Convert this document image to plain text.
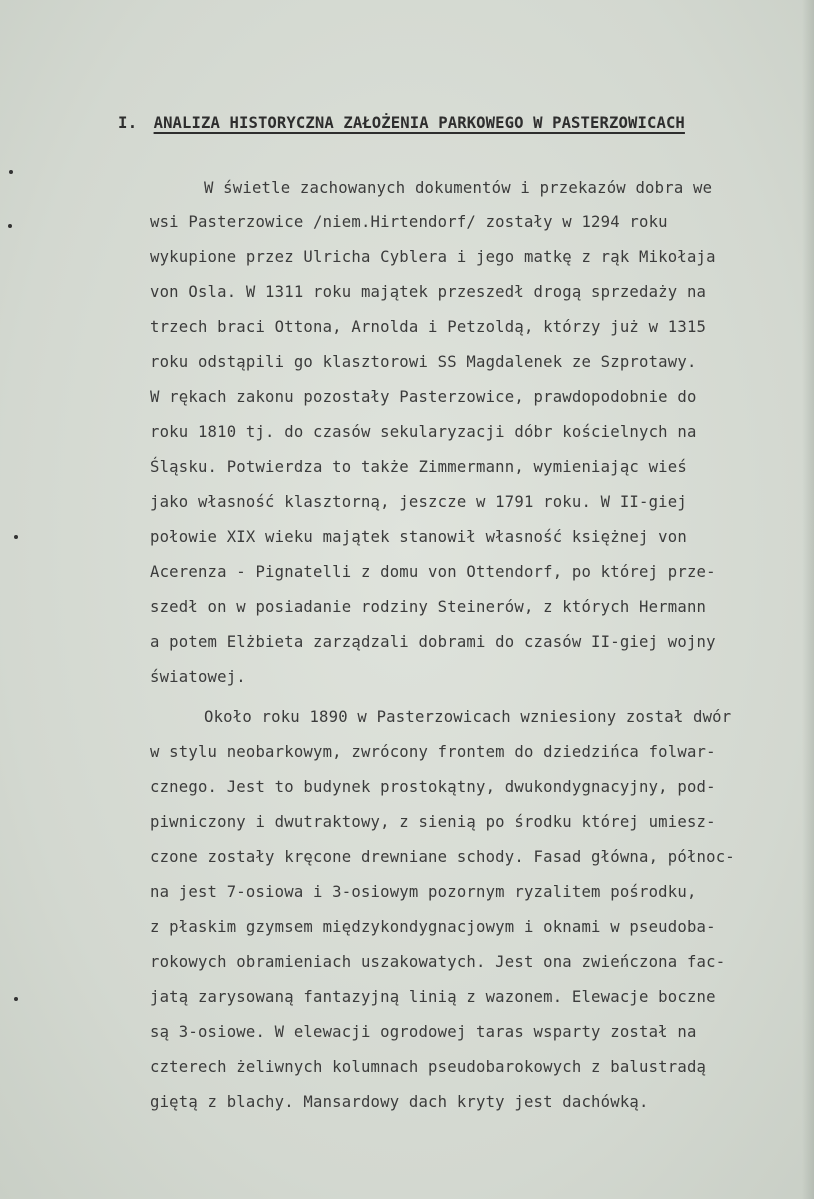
I. ANALIZA HISTORYCZNA ZAŁOŻENIA PARKOWEGO W PASTERZOWICACH
W świetle zachowanych dokumentów i przekazów dobra we
wsi Pasterzowice /niem.Hirtendorf/ zostały w 1294 roku
wykupione przez Ulricha Cyblera i jego matkę z rąk Mikołaja
von Osla. W 1311 roku majątek przeszedł drogą sprzedaży na
trzech braci Ottona, Arnolda i Petzoldą, którzy już w 1315
roku odstąpili go klasztorowi SS Magdalenek ze Szprotawy.
W rękach zakonu pozostały Pasterzowice, prawdopodobnie do
roku 1810 tj. do czasów sekularyzacji dóbr kościelnych na
Śląsku. Potwierdza to także Zimmermann, wymieniając wieś
jako własność klasztorną, jeszcze w 1791 roku. W II-giej
połowie XIX wieku majątek stanowił własność księżnej von
Acerenza - Pignatelli z domu von Ottendorf, po której prze-
szedł on w posiadanie rodziny Steinerów, z których Hermann
a potem Elżbieta zarządzali dobrami do czasów II-giej wojny
światowej.
Około roku 1890 w Pasterzowicach wzniesiony został dwór
w stylu neobarkowym, zwrócony frontem do dziedzińca folwar-
cznego. Jest to budynek prostokątny, dwukondygnacyjny, pod-
piwniczony i dwutraktowy, z sienią po środku której umiesz-
czone zostały kręcone drewniane schody. Fasad główna, północ-
na jest 7-osiowa i 3-osiowym pozornym ryzalitem pośrodku,
z płaskim gzymsem międzykondygnacjowym i oknami w pseudoba-
rokowych obramieniach uszakowatych. Jest ona zwieńczona fac-
jatą zarysowaną fantazyjną linią z wazonem. Elewacje boczne
są 3-osiowe. W elewacji ogrodowej taras wsparty został na
czterech żeliwnych kolumnach pseudobarokowych z balustradą
giętą z blachy. Mansardowy dach kryty jest dachówką.
